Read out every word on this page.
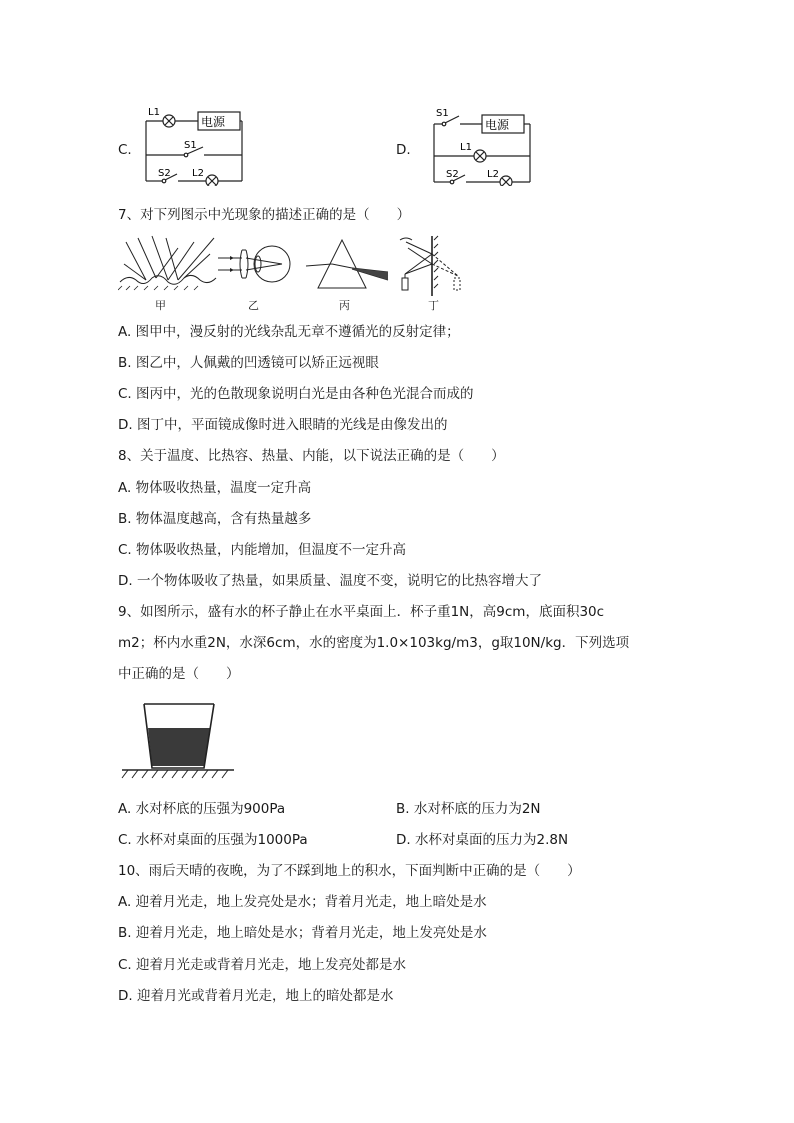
C.
L1
电源
S1
S2 L2
D.
S1
电源
L1
S2	L2
7、对下列图示中光现象的描述正确的是（　　）
甲	乙	丙	丁
A. 图甲中，漫反射的光线杂乱无章不遵循光的反射定律；
B. 图乙中，人佩戴的凹透镜可以矫正远视眼
C. 图丙中，光的色散现象说明白光是由各种色光混合而成的
D. 图丁中，平面镜成像时进入眼睛的光线是由像发出的
8、关于温度、比热容、热量、内能，以下说法正确的是（　　）
A. 物体吸收热量，温度一定升高
B. 物体温度越高，含有热量越多
C. 物体吸收热量，内能增加，但温度不一定升高
D. 一个物体吸收了热量，如果质量、温度不变，说明它的比热容增大了
9、如图所示，盛有水的杯子静止在水平桌面上．杯子重1N，高9cm，底面积30c
m2；杯内水重2N，水深6cm，水的密度为1.0×103kg/m3，g取10N/kg．下列选项
中正确的是（　　）
A. 水对杯底的压强为900Pa	B. 水对杯底的压力为2N
C. 水杯对桌面的压强为1000Pa	D. 水杯对桌面的压力为2.8N
10、雨后天晴的夜晚，为了不踩到地上的积水，下面判断中正确的是（　　）
A. 迎着月光走，地上发亮处是水；背着月光走，地上暗处是水
B. 迎着月光走，地上暗处是水；背着月光走，地上发亮处是水
C. 迎着月光走或背着月光走，地上发亮处都是水
D. 迎着月光或背着月光走，地上的暗处都是水
